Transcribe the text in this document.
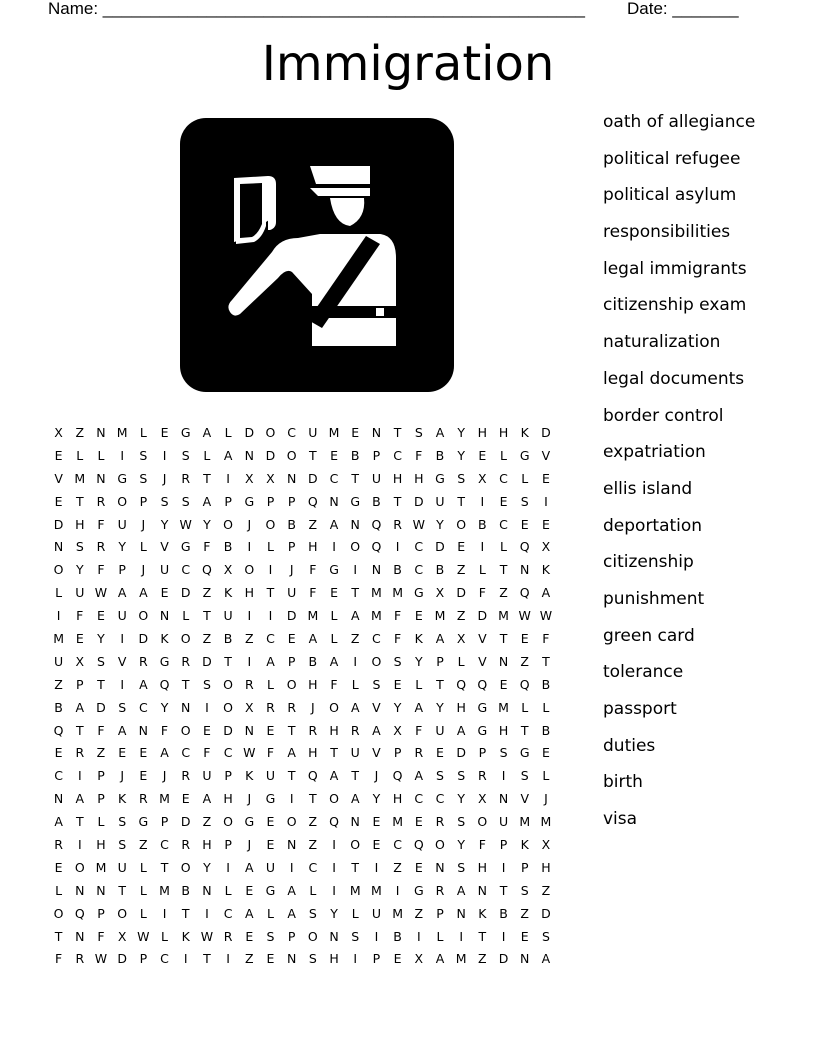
Name: ___________________________________________________ Date: _______
Immigration
X	Z N M L	E G A	L	D O C U M E	N	T	S	A	Y	H H K D
E	L	L	I	S	I	S	L	A N D O T	E	B	P	C	F	B	Y	E	L	G V
V M N G S	J	R	T	I	X	X N D C	T	U H H G S	X	C	L	E
E	T	R O P	S	S	A	P	G	P	P	Q N G B	T	D U	T	I	E	S	I
D H	F	U	J	Y W Y O	J	O B	Z	A N Q R W Y O B	C	E	E
N	S	R	Y	L	V G	F	B	I	L	P	H	I	O Q	I	C D E	I	L	Q X
O Y	F	P	J	U C Q X O	I	J	F	G	I	N B	C	B	Z	L	T	N K
L	U W A	A	E D Z	K H	T	U	F	E	T M M G X D	F	Z Q A
I	F	E	U O N	L	T	U	I	I	D M L	A M F	E M Z D M W W
M E	Y	I	D K O Z	B	Z	C	E	A	L	Z	C	F	K	A	X	V	T	E	F
U X	S	V	R G R D	T	I	A	P	B	A	I	O S	Y	P	L	V N Z	T
Z	P	T	I	A Q T	S O R	L	O H	F	L	S	E	L	T Q Q E Q B
B	A D S	C	Y	N	I	O X	R	R	J	O A	V	Y	A	Y	H G M L	L
Q T	F	A N	F	O E D N	E	T	R H R	A	X	F	U A G H	T	B
E	R	Z	E	E	A	C	F	C W F	A H	T	U V	P	R	E D	P	S G E
C	I	P	J	E	J	R U	P	K	U	T Q A	T	J	Q A	S	S	R	I	S	L
N A	P	K	R M E	A H	J	G	I	T O A	Y	H C C	Y	X N V	J
A	T	L	S G	P	D Z O G E O Z Q N	E M E	R	S O U M M
R	I	H	S	Z	C R H	P	J	E	N Z	I	O E	C Q O Y	F	P	K	X
E O M U	L	T O Y	I	A U	I	C	I	T	I	Z	E	N	S	H	I	P	H
L	N N	T	L M B N	L	E G A	L	I	M M	I	G R	A N	T	S	Z
O Q P	O	L	I	T	I	C	A	L	A	S	Y	L	U M Z	P	N K	B	Z D
T	N	F	X W L	K W R	E	S	P	O N	S	I	B	I	L	I	T	I	E	S
F	R W D	P	C	I	T	I	Z	E	N	S	H	I	P	E	X	A M Z D N A
oath of allegiance
political refugee
political asylum
responsibilities
legal immigrants
citizenship exam
naturalization
legal documents
border control
expatriation
ellis island
deportation
citizenship
punishment
green card
tolerance
passport
duties
birth
visa
